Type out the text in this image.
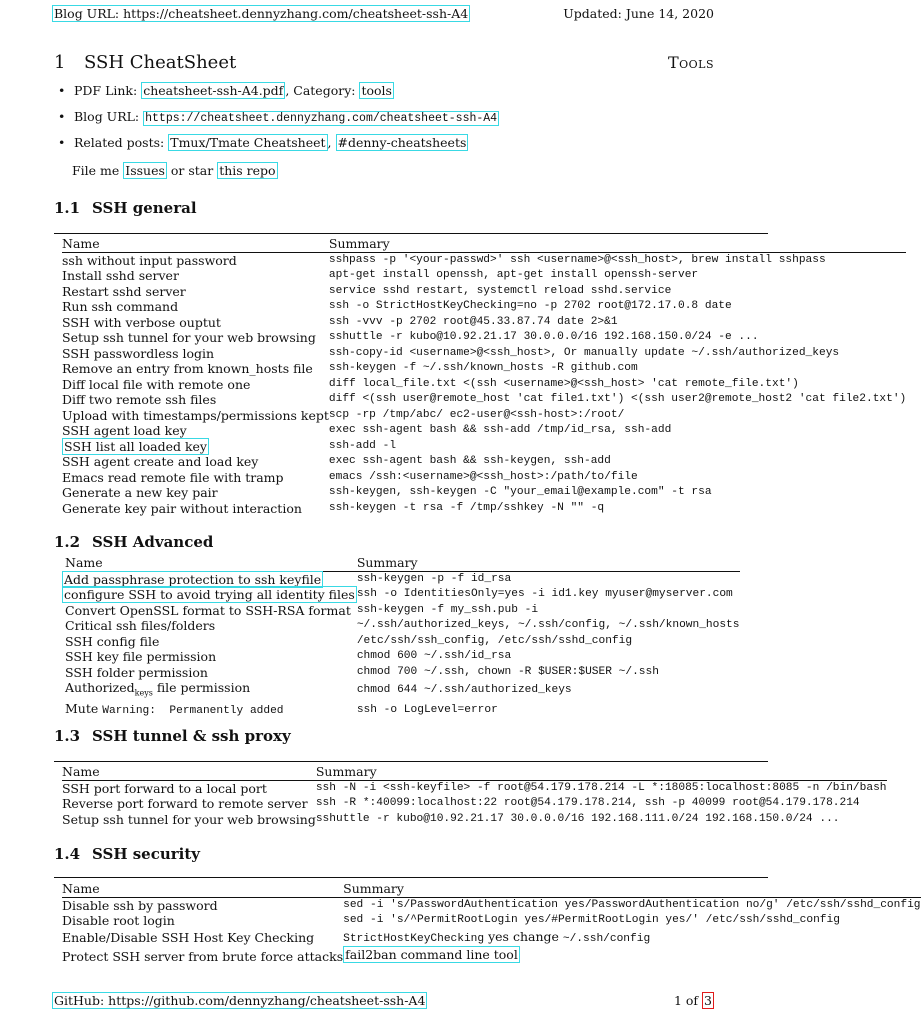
Blog URL: https://cheatsheet.dennyzhang.com/cheatsheet-ssh-A4	Updated: June 14, 2020
1 SSH CheatSheet	Tools
• PDF Link: cheatsheet-ssh-A4.pdf , Category: tools
• Blog URL: https://cheatsheet.dennyzhang.com/cheatsheet-ssh-A4
• Related posts: Tmux/Tmate Cheatsheet , #denny-cheatsheets
File me Issues or star this repo
1.1 SSH general
Name	Summary
ssh without input password	sshpass -p '<your-passwd>' ssh <username>@<ssh_host>, brew install sshpass
Install sshd server	apt-get install openssh, apt-get install openssh-server
Restart sshd server	service sshd restart, systemctl reload sshd.service
Run ssh command	ssh -o StrictHostKeyChecking=no -p 2702 root@172.17.0.8 date
SSH with verbose ouptut	ssh -vvv -p 2702 root@45.33.87.74 date 2>&1
Setup ssh tunnel for your web browsing	sshuttle -r kubo@10.92.21.17 30.0.0.0/16 192.168.150.0/24 -e ...
SSH passwordless login	ssh-copy-id <username>@<ssh_host>, Or manually update ~/.ssh/authorized_keys
Remove an entry from known_hosts file	ssh-keygen -f ~/.ssh/known_hosts -R github.com
Diff local file with remote one	diff local_file.txt <(ssh <username>@<ssh_host> 'cat remote_file.txt')
Diff two remote ssh files	diff <(ssh user@remote_host 'cat file1.txt') <(ssh user2@remote_host2 'cat file2.txt')
Upload with timestamps/permissions kept	scp -rp /tmp/abc/ ec2-user@<ssh-host>:/root/
SSH agent load key	exec ssh-agent bash && ssh-add /tmp/id_rsa, ssh-add
SSH list all loaded key	ssh-add -l
SSH agent create and load key	exec ssh-agent bash && ssh-keygen, ssh-add
Emacs read remote file with tramp	emacs /ssh:<username>@<ssh_host>:/path/to/file
Generate a new key pair	ssh-keygen, ssh-keygen -C "your_email@example.com" -t rsa
Generate key pair without interaction	ssh-keygen -t rsa -f /tmp/sshkey -N "" -q
1.2 SSH Advanced
Name	Summary
Add passphrase protection to ssh keyfile	ssh-keygen -p -f id_rsa
configure SSH to avoid trying all identity files	ssh -o IdentitiesOnly=yes -i id1.key myuser@myserver.com
Convert OpenSSL format to SSH-RSA format	ssh-keygen -f my_ssh.pub -i
Critical ssh files/folders	~/.ssh/authorized_keys, ~/.ssh/config, ~/.ssh/known_hosts
SSH config file	/etc/ssh/ssh_config, /etc/ssh/sshd_config
SSH key file permission	chmod 600 ~/.ssh/id_rsa
SSH folder permission	chmod 700 ~/.ssh, chown -R $USER:$USER ~/.ssh
Authorized$_{keys}$ file permission	chmod 644 ~/.ssh/authorized_keys
Mute Warning:  Permanently added	ssh -o LogLevel=error
1.3 SSH tunnel & ssh proxy
Name	Summary
SSH port forward to a local port	ssh -N -i <ssh-keyfile> -f root@54.179.178.214 -L *:18085:localhost:8085 -n /bin/bash
Reverse port forward to remote server	ssh -R *:40099:localhost:22 root@54.179.178.214, ssh -p 40099 root@54.179.178.214
Setup ssh tunnel for your web browsing	sshuttle -r kubo@10.92.21.17 30.0.0.0/16 192.168.111.0/24 192.168.150.0/24 ...
1.4 SSH security
Name	Summary
Disable ssh by password	sed -i 's/PasswordAuthentication yes/PasswordAuthentication no/g' /etc/ssh/sshd_config
Disable root login	sed -i 's/^PermitRootLogin yes/#PermitRootLogin yes/' /etc/ssh/sshd_config
Enable/Disable SSH Host Key Checking	StrictHostKeyChecking yes change ~/.ssh/config
Protect SSH server from brute force attacks	fail2ban command line tool
GitHub: https://github.com/dennyzhang/cheatsheet-ssh-A4	1 of 3
